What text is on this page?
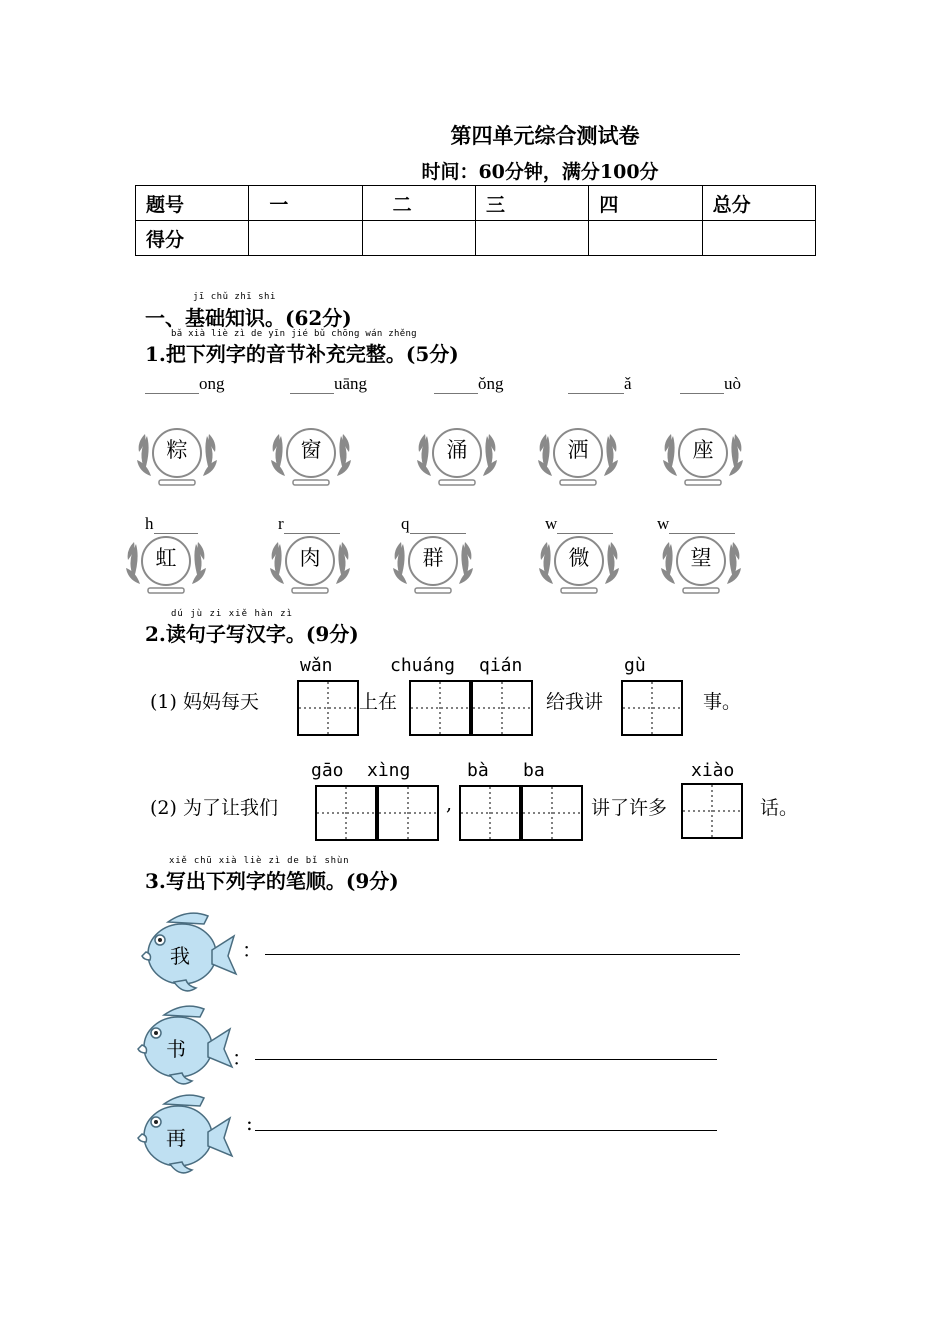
第四单元综合测试卷
时间：60分钟，满分100分
题号	一	二	三	四	总分
得分					
jī chǔ zhī shi
一、基础知识。(62分)
bǎ xià liè zì de yīn jié bǔ chōng wán zhěng
1.把下列字的音节补充完整。(5分)
ong	uāng	ǒng	ǎ	uò
粽	窗	涌	洒	座
h	r	q	w	w
虹	肉	群	微	望
dú jù zi xiě hàn zì
2.读句子写汉字。(9分)
wǎn	chuáng qián	gù
(1) 妈妈每天	上在	给我讲	事。
gāo xìng	bà ba	xiào
(2) 为了让我们	,	讲了许多	话。
xiě chū xià liè zì de bǐ shùn
3.写出下列字的笔顺。(9分)
我	：
书 ：
再
:
